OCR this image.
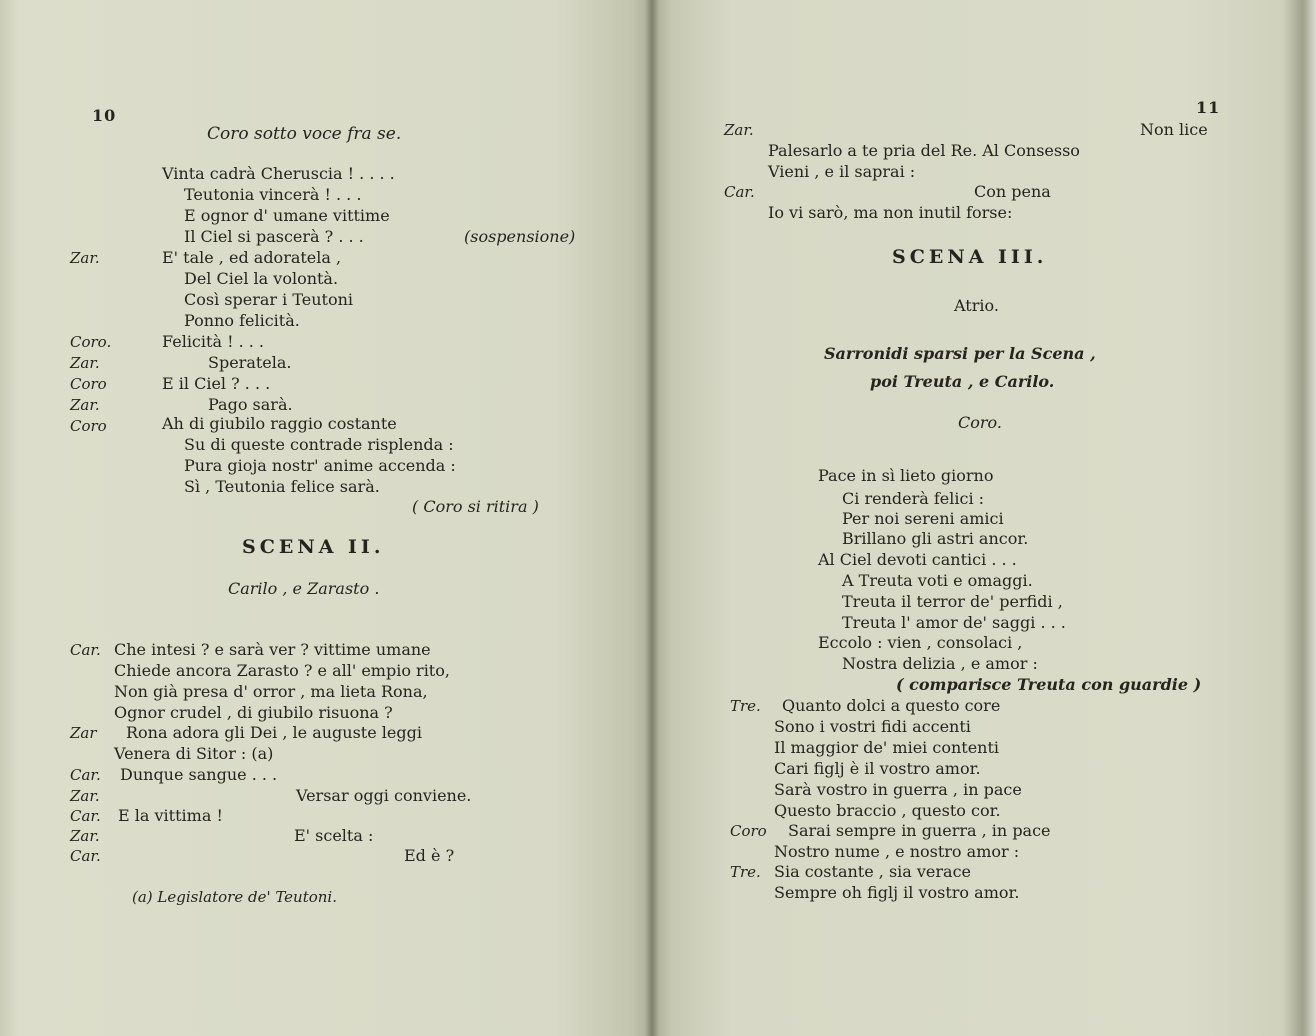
10
Coro sotto voce fra se.
Vinta cadrà Cheruscia ! . . . .
Teutonia vincerà ! . . .
E ognor d' umane vittime
Il Ciel si pascerà ? . . .	(sospensione)
Zar.	E' tale , ed adoratela ,
Del Ciel la volontà.
Così sperar i Teutoni
Ponno felicità.
Coro.	Felicità ! . . .
Zar.	Speratela.
Coro	E il Ciel ? . . .
Zar.	Pago sarà.
Coro	Ah di giubilo raggio costante
Su di queste contrade risplenda :
Pura gioja nostr' anime accenda :
Sì , Teutonia felice sarà.
( Coro si ritira )
SCENA II.
Carilo , e Zarasto .
Car. Che intesi ? e sarà ver ? vittime umane
Chiede ancora Zarasto ? e all' empio rito,
Non già presa d' orror , ma lieta Rona,
Ognor crudel , di giubilo risuona ?
Zar Rona adora gli Dei , le auguste leggi
Venera di Sitor : (a)
Car. Dunque sangue . . .
Zar.	Versar oggi conviene.
Car. E la vittima !
Zar.	E' scelta :
Car.	Ed è ?
(a) Legislatore de' Teutoni.
11
Zar.	Non lice
Palesarlo a te pria del Re. Al Consesso
Vieni , e il saprai :
Car.	Con pena
Io vi sarò, ma non inutil forse:
SCENA III.
Atrio.
Sarronidi sparsi per la Scena ,
poi Treuta , e Carilo.
Coro.
Pace in sì lieto giorno
Ci renderà felici :
Per noi sereni amici
Brillano gli astri ancor.
Al Ciel devoti cantici . . .
A Treuta voti e omaggi.
Treuta il terror de' perfidi ,
Treuta l' amor de' saggi . . .
Eccolo : vien , consolaci ,
Nostra delizia , e amor :
( comparisce Treuta con guardie )
Tre. Quanto dolci a questo core
Sono i vostri fidi accenti
Il maggior de' miei contenti
Cari figlj è il vostro amor.
Sarà vostro in guerra , in pace
Questo braccio , questo cor.
Coro Sarai sempre in guerra , in pace
Nostro nume , e nostro amor :
Tre. Sia costante , sia verace
Sempre oh figlj il vostro amor.
